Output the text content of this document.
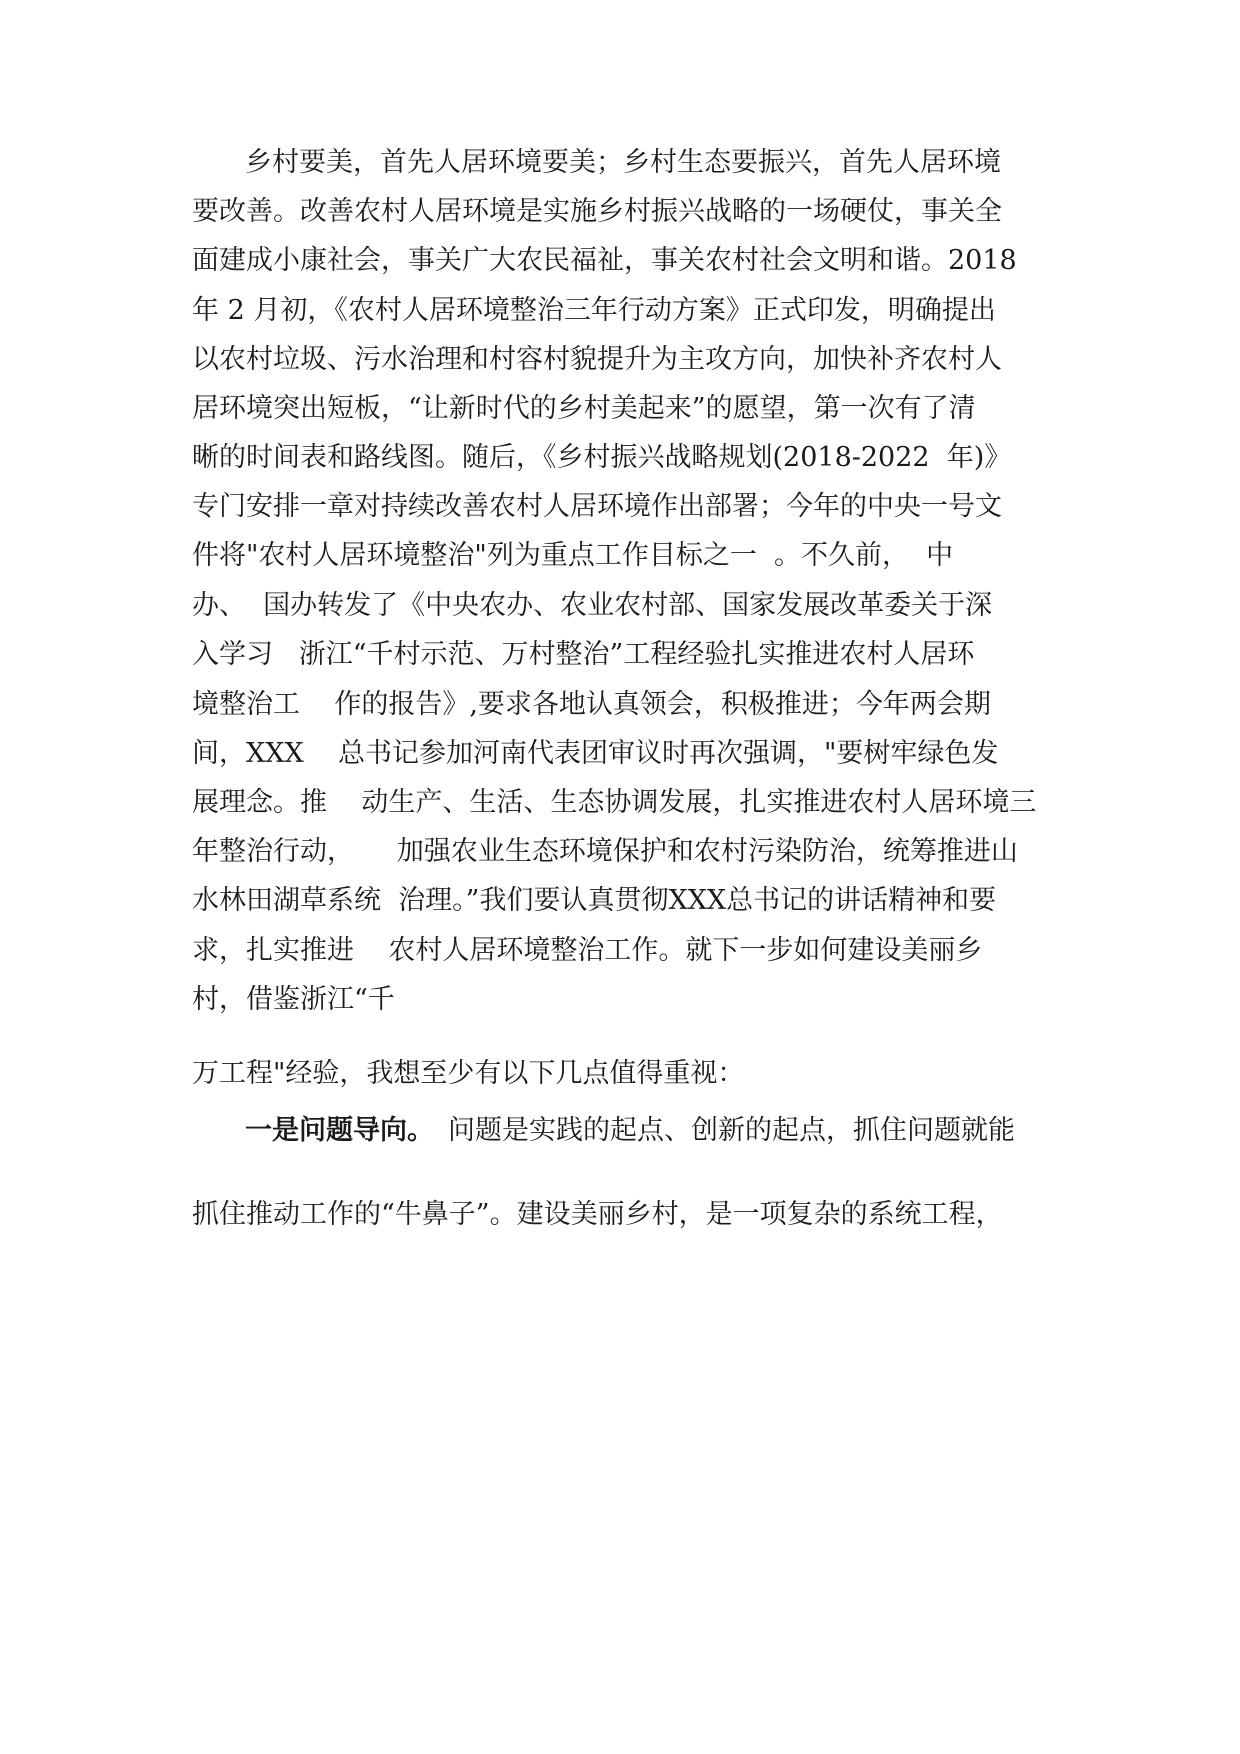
乡村要美，首先人居环境要美；乡村生态要振兴，首先人居环境

要改善。改善农村人居环境是实施乡村振兴战略的一场硬仗，事关全

面建成小康社会，事关广大农民福祉，事关农村社会文明和谐。2018

年 2 月初，《农村人居环境整治三年行动方案》正式印发，明确提出

以农村垃圾、污水治理和村容村貌提升为主攻方向，加快补齐农村人

居环境突出短板，“让新时代的乡村美起来”的愿望，第一次有了清

晰的时间表和路线图。随后，《乡村振兴战略规划(2018-2022  年)》

专门安排一章对持续改善农村人居环境作出部署；今年的中央一号文

件将"农村人居环境整治"列为重点工作目标之一  。不久前，  中

办、  国办转发了《中央农办、农业农村部、国家发展改革委关于深

入学习   浙江“千村示范、万村整治”工程经验扎实推进农村人居环

境整治工    作的报告》,要求各地认真领会，积极推进；今年两会期

间，XXX    总书记参加河南代表团审议时再次强调，"要树牢绿色发

展理念。推    动生产、生活、生态协调发展，扎实推进农村人居环境三

年整治行动，     加强农业生态环境保护和农村污染防治，统筹推进山

水林田湖草系统  治理。”我们要认真贯彻XXX总书记的讲话精神和要

求，扎实推进    农村人居环境整治工作。就下一步如何建设美丽乡

村，借鉴浙江“千

万工程"经验，我想至少有以下几点值得重视：

一是问题导向。 问题是实践的起点、创新的起点，抓住问题就能

抓住推动工作的“牛鼻子”。建设美丽乡村，是一项复杂的系统工程，
